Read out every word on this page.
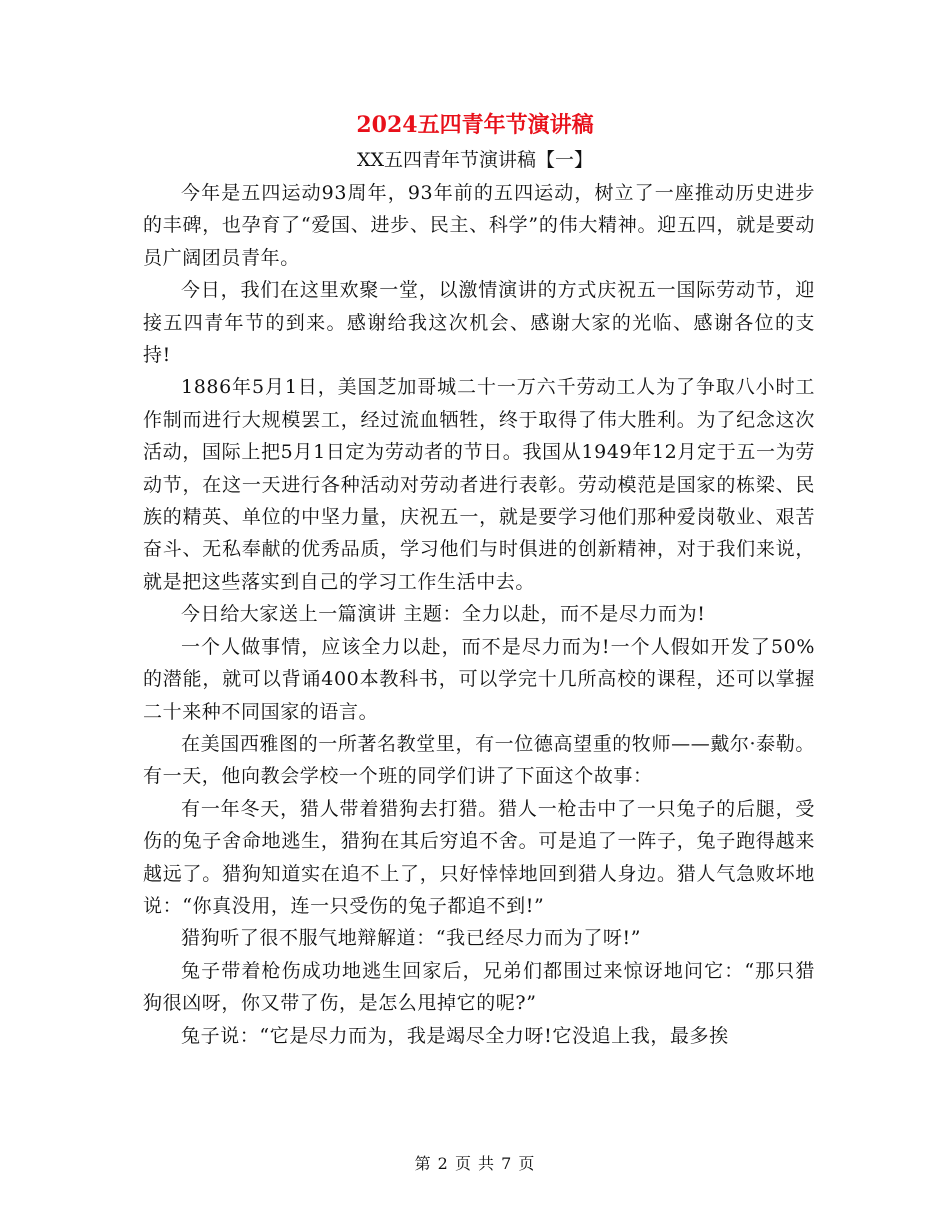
2024五四青年节演讲稿

XX五四青年节演讲稿【一】

今年是五四运动93周年，93年前的五四运动，树立了一座推动历史进步的丰碑，也孕育了“爱国、进步、民主、科学”的伟大精神。迎五四，就是要动员广阔团员青年。

今日，我们在这里欢聚一堂，以激情演讲的方式庆祝五一国际劳动节，迎接五四青年节的到来。感谢给我这次机会、感谢大家的光临、感谢各位的支持!

1886年5月1日，美国芝加哥城二十一万六千劳动工人为了争取八小时工作制而进行大规模罢工，经过流血牺牲，终于取得了伟大胜利。为了纪念这次活动，国际上把5月1日定为劳动者的节日。我国从1949年12月定于五一为劳动节，在这一天进行各种活动对劳动者进行表彰。劳动模范是国家的栋梁、民族的精英、单位的中坚力量，庆祝五一，就是要学习他们那种爱岗敬业、艰苦奋斗、无私奉献的优秀品质，学习他们与时俱进的创新精神，对于我们来说，就是把这些落实到自己的学习工作生活中去。

今日给大家送上一篇演讲 主题：全力以赴，而不是尽力而为!

一个人做事情，应该全力以赴，而不是尽力而为!一个人假如开发了50%的潜能，就可以背诵400本教科书，可以学完十几所高校的课程，还可以掌握二十来种不同国家的语言。

在美国西雅图的一所著名教堂里，有一位德高望重的牧师——戴尔·泰勒。有一天，他向教会学校一个班的同学们讲了下面这个故事：

有一年冬天，猎人带着猎狗去打猎。猎人一枪击中了一只兔子的后腿，受伤的兔子舍命地逃生，猎狗在其后穷追不舍。可是追了一阵子，兔子跑得越来越远了。猎狗知道实在追不上了，只好悻悻地回到猎人身边。猎人气急败坏地说：“你真没用，连一只受伤的兔子都追不到!”

猎狗听了很不服气地辩解道：“我已经尽力而为了呀!”

兔子带着枪伤成功地逃生回家后，兄弟们都围过来惊讶地问它：“那只猎狗很凶呀，你又带了伤，是怎么甩掉它的呢?”

兔子说：“它是尽力而为，我是竭尽全力呀!它没追上我，最多挨

第 2 页 共 7 页
